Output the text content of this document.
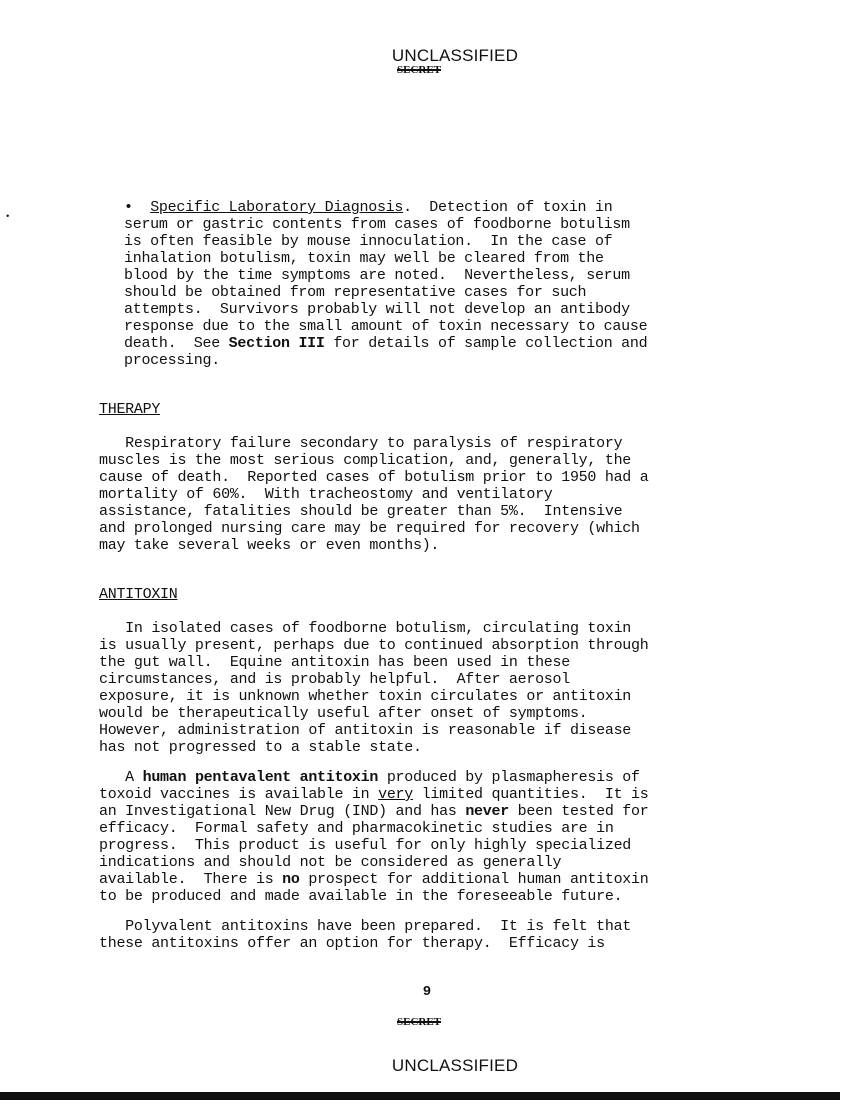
UNCLASSIFIED
SECRET
•
• Specific Laboratory Diagnosis.  Detection of toxin in
serum or gastric contents from cases of foodborne botulism
is often feasible by mouse innoculation.  In the case of
inhalation botulism, toxin may well be cleared from the
blood by the time symptoms are noted.  Nevertheless, serum
should be obtained from representative cases for such
attempts.  Survivors probably will not develop an antibody
response due to the small amount of toxin necessary to cause
death.  See Section III for details of sample collection and
processing.
THERAPY
Respiratory failure secondary to paralysis of respiratory
muscles is the most serious complication, and, generally, the
cause of death.  Reported cases of botulism prior to 1950 had a
mortality of 60%.  With tracheostomy and ventilatory
assistance, fatalities should be greater than 5%.  Intensive
and prolonged nursing care may be required for recovery (which
may take several weeks or even months).
ANTITOXIN
In isolated cases of foodborne botulism, circulating toxin
is usually present, perhaps due to continued absorption through
the gut wall.  Equine antitoxin has been used in these
circumstances, and is probably helpful.  After aerosol
exposure, it is unknown whether toxin circulates or antitoxin
would be therapeutically useful after onset of symptoms.
However, administration of antitoxin is reasonable if disease
has not progressed to a stable state.
A human pentavalent antitoxin produced by plasmapheresis of
toxoid vaccines is available in very limited quantities.  It is
an Investigational New Drug (IND) and has never been tested for
efficacy.  Formal safety and pharmacokinetic studies are in
progress.  This product is useful for only highly specialized
indications and should not be considered as generally
available.  There is no prospect for additional human antitoxin
to be produced and made available in the foreseeable future.
Polyvalent antitoxins have been prepared.  It is felt that
these antitoxins offer an option for therapy.  Efficacy is
9
SECRET
UNCLASSIFIED
